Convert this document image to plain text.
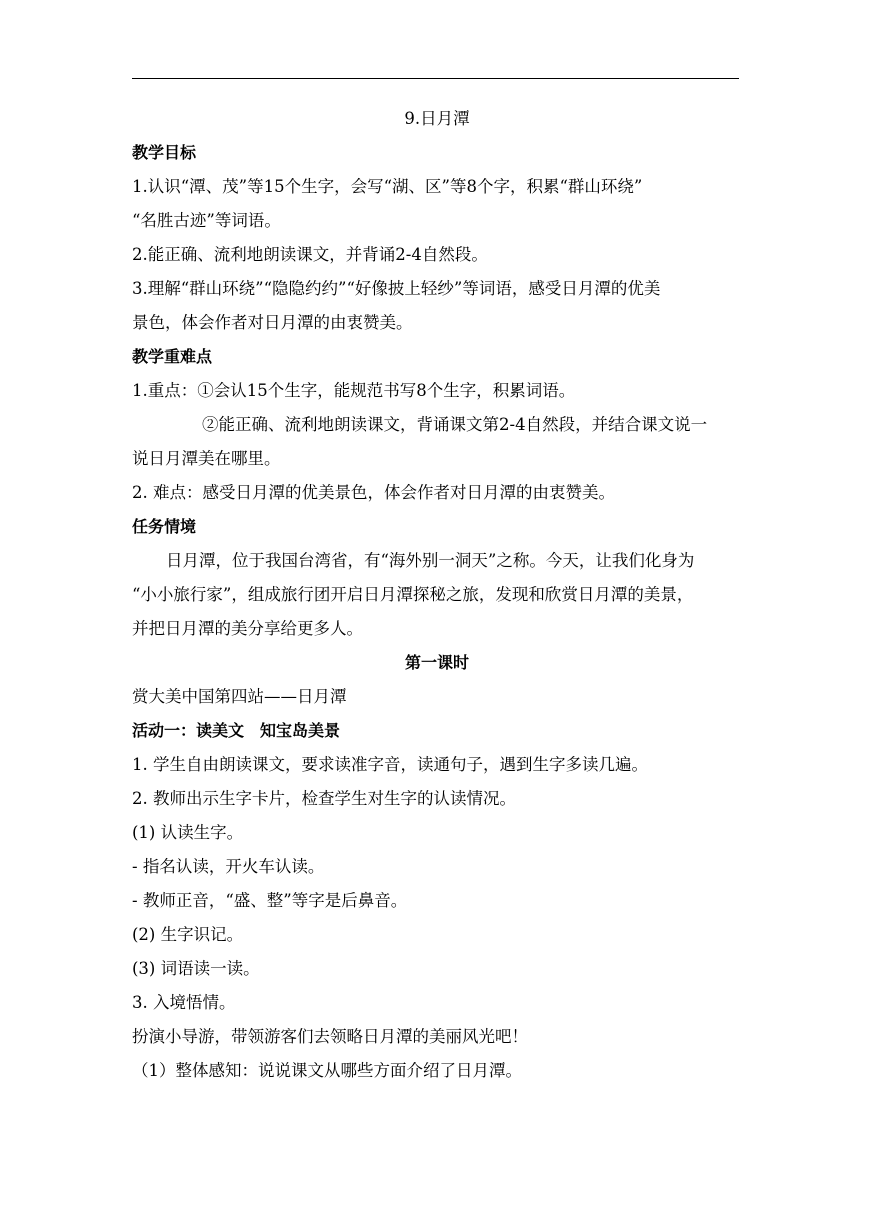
9.日月潭
教学目标
1.认识“潭、茂”等15个生字，会写“湖、区”等8个字，积累“群山环绕”
“名胜古迹”等词语。
2.能正确、流利地朗读课文，并背诵2-4自然段。
3.理解“群山环绕”“隐隐约约”“好像披上轻纱”等词语，感受日月潭的优美
景色，体会作者对日月潭的由衷赞美。
教学重难点
1.重点：①会认15个生字，能规范书写8个生字，积累词语。
②能正确、流利地朗读课文，背诵课文第2-4自然段，并结合课文说一
说日月潭美在哪里。
2. 难点：感受日月潭的优美景色，体会作者对日月潭的由衷赞美。
任务情境
日月潭，位于我国台湾省，有“海外别一洞天”之称。今天，让我们化身为
“小小旅行家”，组成旅行团开启日月潭探秘之旅，发现和欣赏日月潭的美景，
并把日月潭的美分享给更多人。
第一课时
赏大美中国第四站——日月潭
活动一：读美文　知宝岛美景
1. 学生自由朗读课文，要求读准字音，读通句子，遇到生字多读几遍。
2. 教师出示生字卡片，检查学生对生字的认读情况。
(1) 认读生字。
- 指名认读，开火车认读。
- 教师正音，“盛、整”等字是后鼻音。
(2) 生字识记。
(3) 词语读一读。
3. 入境悟情。
扮演小导游，带领游客们去领略日月潭的美丽风光吧！
（1）整体感知：说说课文从哪些方面介绍了日月潭。
